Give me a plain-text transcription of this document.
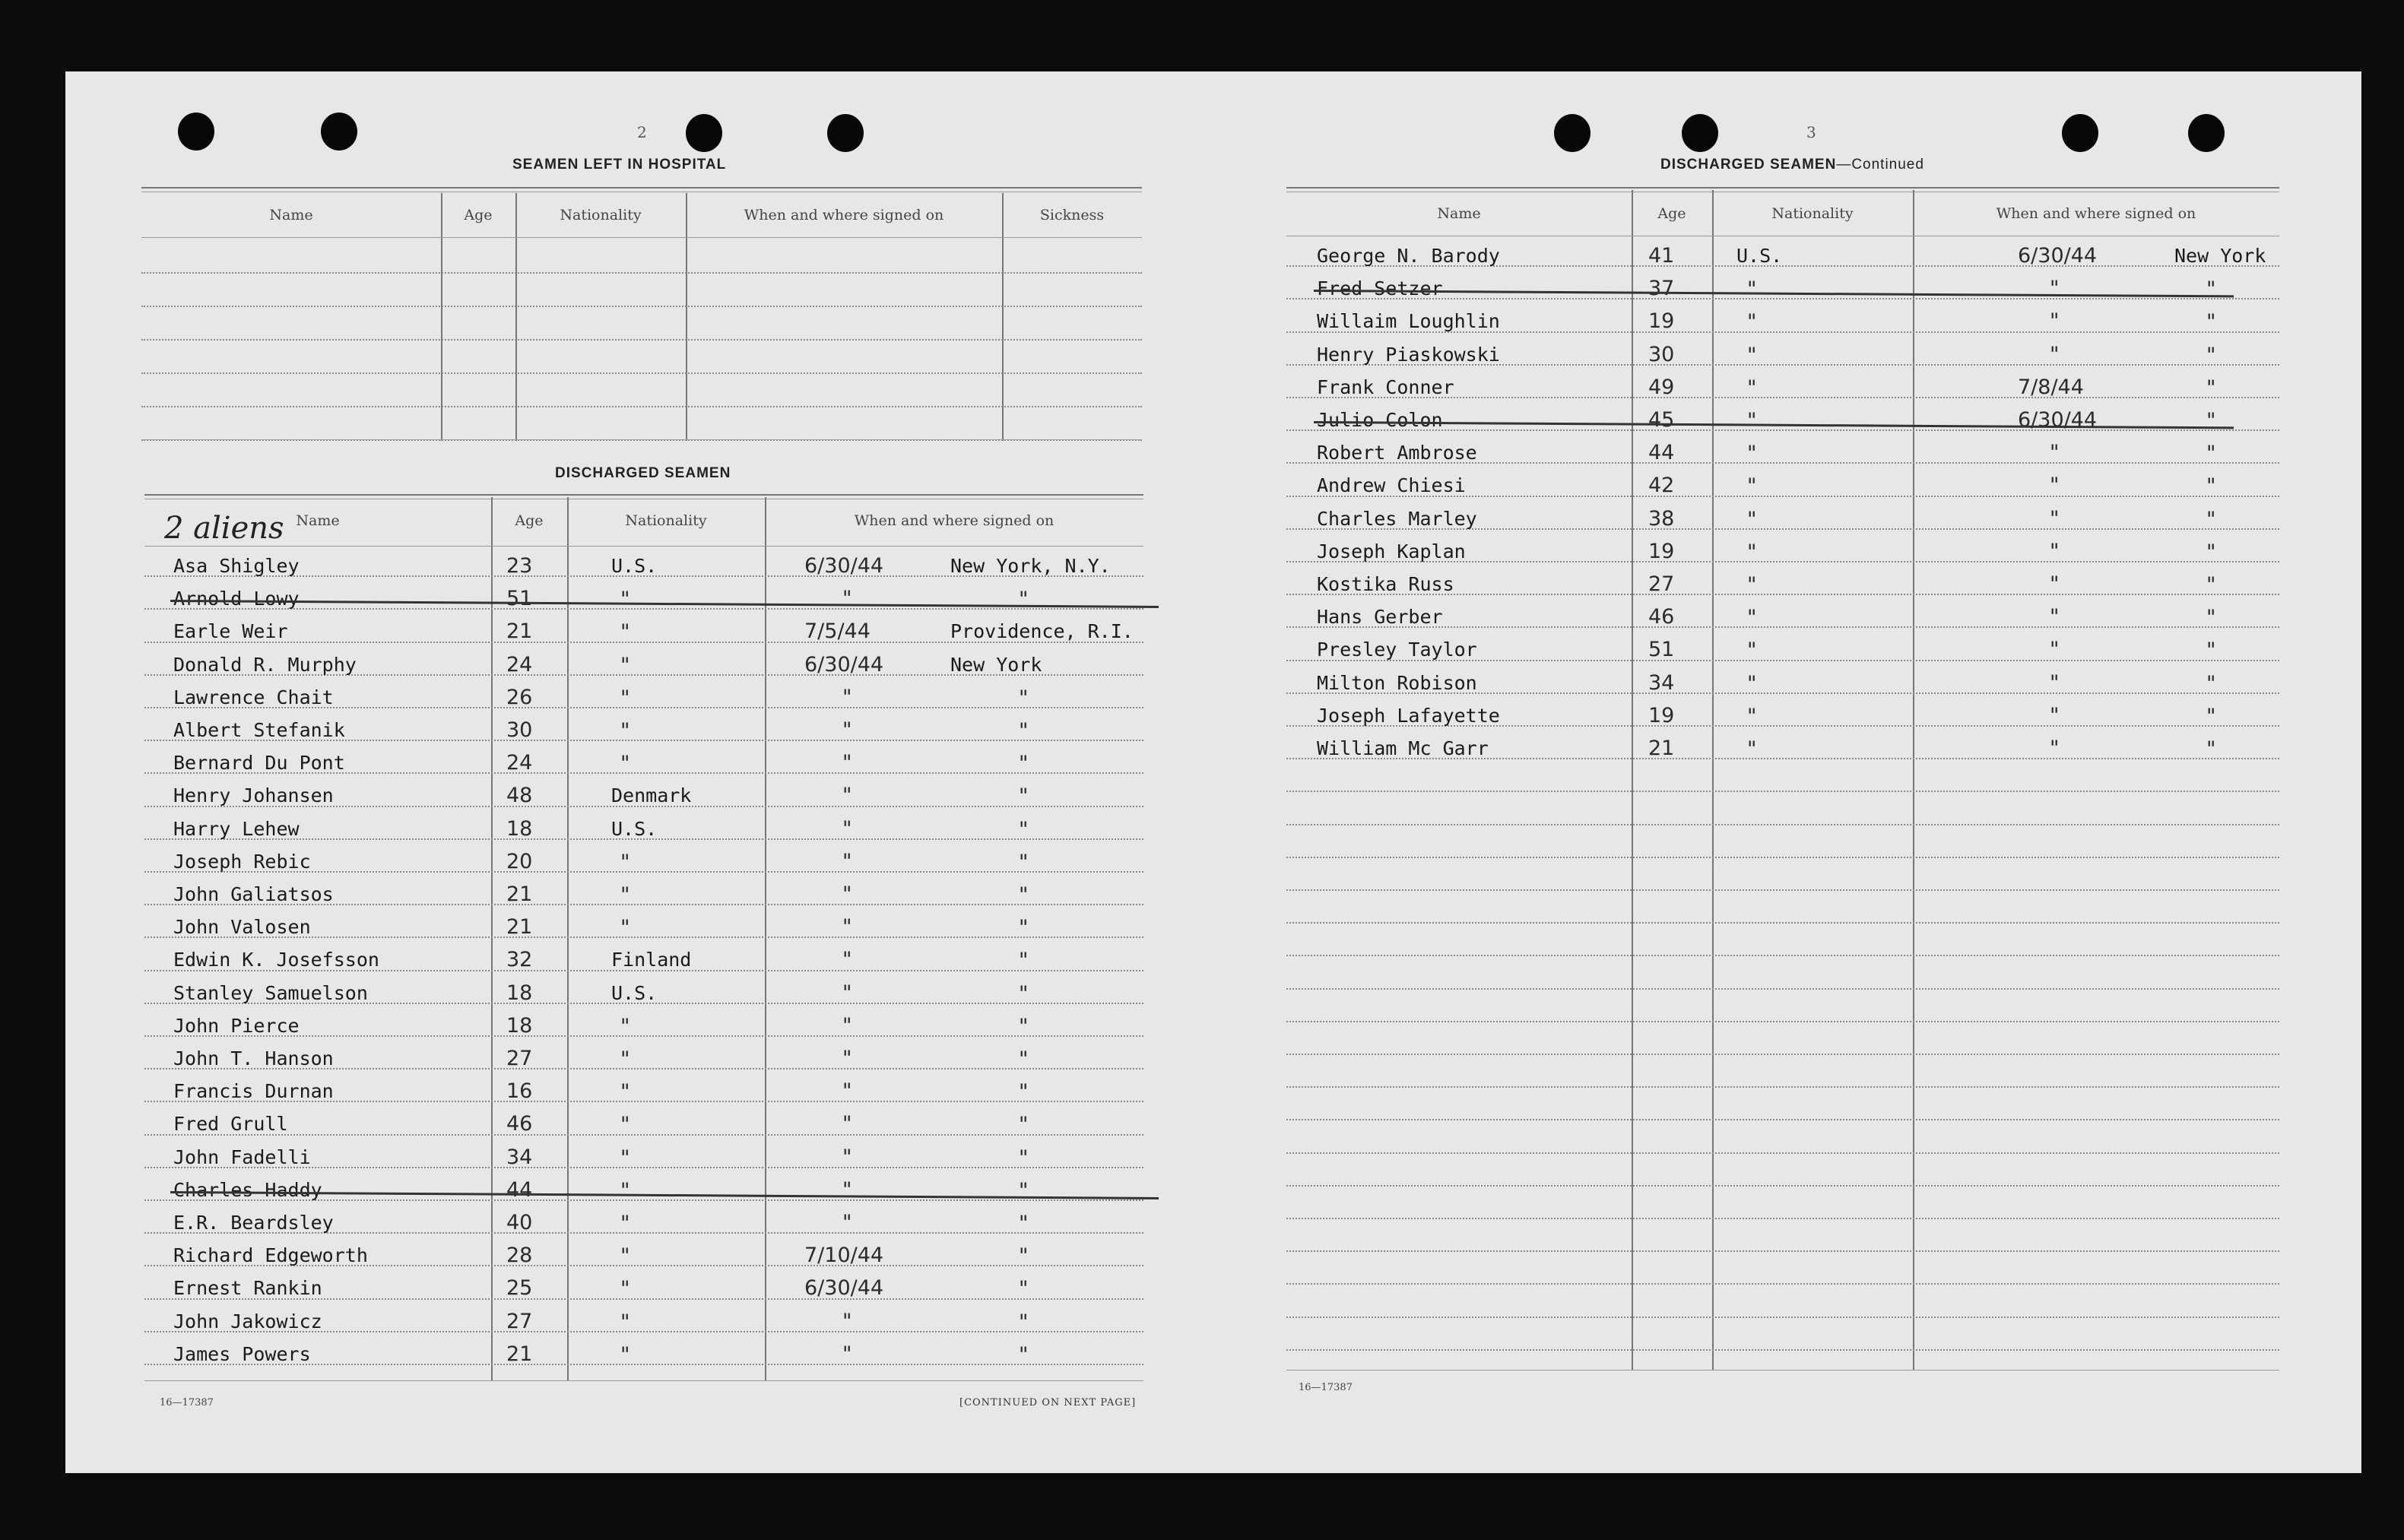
2
SEAMEN LEFT IN HOSPITAL
DISCHARGED SEAMEN
2 aliens
16—17387	[CONTINUED ON NEXT PAGE]
Name	Age	Nationality	When and where signed on	Sickness
Name	Age	Nationality	When and where signed on
Asa Shigley	23	U.S.	6/30/44	New York, N.Y.
Arnold Lowy	51	"	"	"
Earle Weir	21	"	7/5/44	Providence, R.I.
Donald R. Murphy	24	"	6/30/44	New York
Lawrence Chait	26	"	"	"
Albert Stefanik	30	"	"	"
Bernard Du Pont	24	"	"	"
Henry Johansen	48	Denmark	"	"
Harry Lehew	18	U.S.	"	"
Joseph Rebic	20	"	"	"
John Galiatsos	21	"	"	"
John Valosen	21	"	"	"
Edwin K. Josefsson	32	Finland	"	"
Stanley Samuelson	18	U.S.	"	"
John Pierce	18	"	"	"
John T. Hanson	27	"	"	"
Francis Durnan	16	"	"	"
Fred Grull	46	"	"	"
John Fadelli	34	"	"	"
Charles Haddy	44	"	"	"
E.R. Beardsley	40	"	"	"
Richard Edgeworth	28	"	7/10/44	"
Ernest Rankin	25	"	6/30/44	"
John Jakowicz	27	"	"	"
James Powers	21	"	"	"
3
DISCHARGED SEAMEN—Continued
16—17387
Name	Age	Nationality	When and where signed on
George N. Barody	41	U.S.	6/30/44	New York
Fred Setzer	37	"	"	"
Willaim Loughlin	19	"	"	"
Henry Piaskowski	30	"	"	"
Frank Conner	49	"	7/8/44	"
Julio Colon	45	"	6/30/44	"
Robert Ambrose	44	"	"	"
Andrew Chiesi	42	"	"	"
Charles Marley	38	"	"	"
Joseph Kaplan	19	"	"	"
Kostika Russ	27	"	"	"
Hans Gerber	46	"	"	"
Presley Taylor	51	"	"	"
Milton Robison	34	"	"	"
Joseph Lafayette	19	"	"	"
William Mc Garr	21	"	"	"
